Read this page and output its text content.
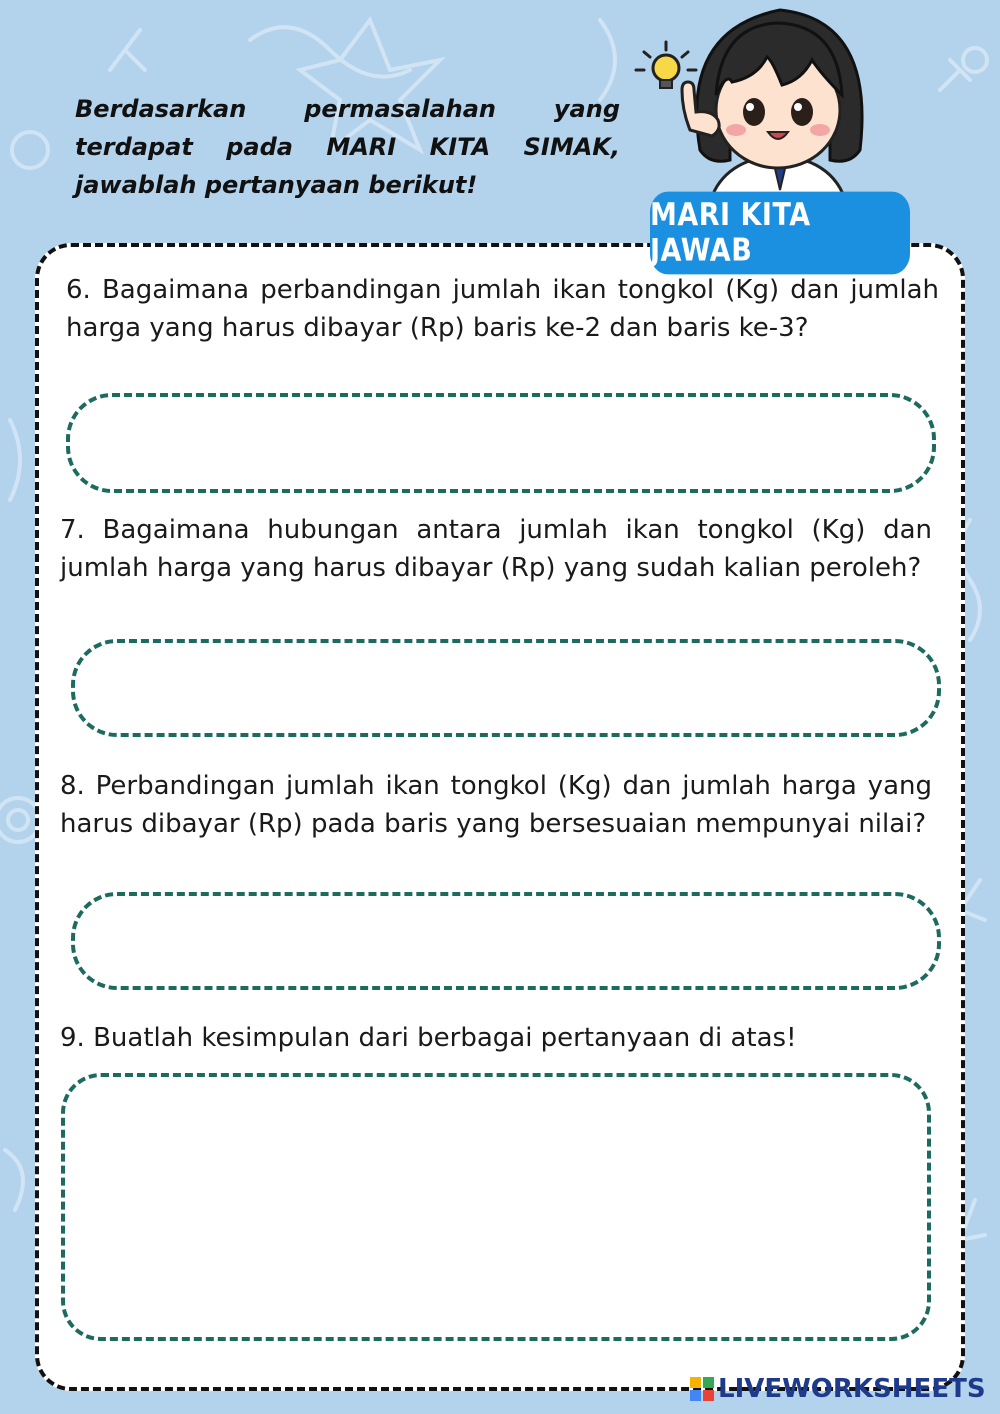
Berdasarkan permasalahan yang terdapat pada MARI KITA SIMAK, jawablah pertanyaan berikut!

6. Bagaimana perbandingan jumlah ikan tongkol (Kg) dan jumlah harga yang harus dibayar (Rp) baris ke-2 dan baris ke-3?

7. Bagaimana hubungan antara jumlah ikan tongkol (Kg) dan jumlah harga yang harus dibayar (Rp) yang sudah kalian peroleh?

8. Perbandingan jumlah ikan tongkol (Kg) dan jumlah harga yang harus dibayar (Rp) pada baris yang bersesuaian mempunyai nilai?

9. Buatlah kesimpulan dari berbagai pertanyaan di atas!

MARI KITA JAWAB
LIVEWORKSHEETS
